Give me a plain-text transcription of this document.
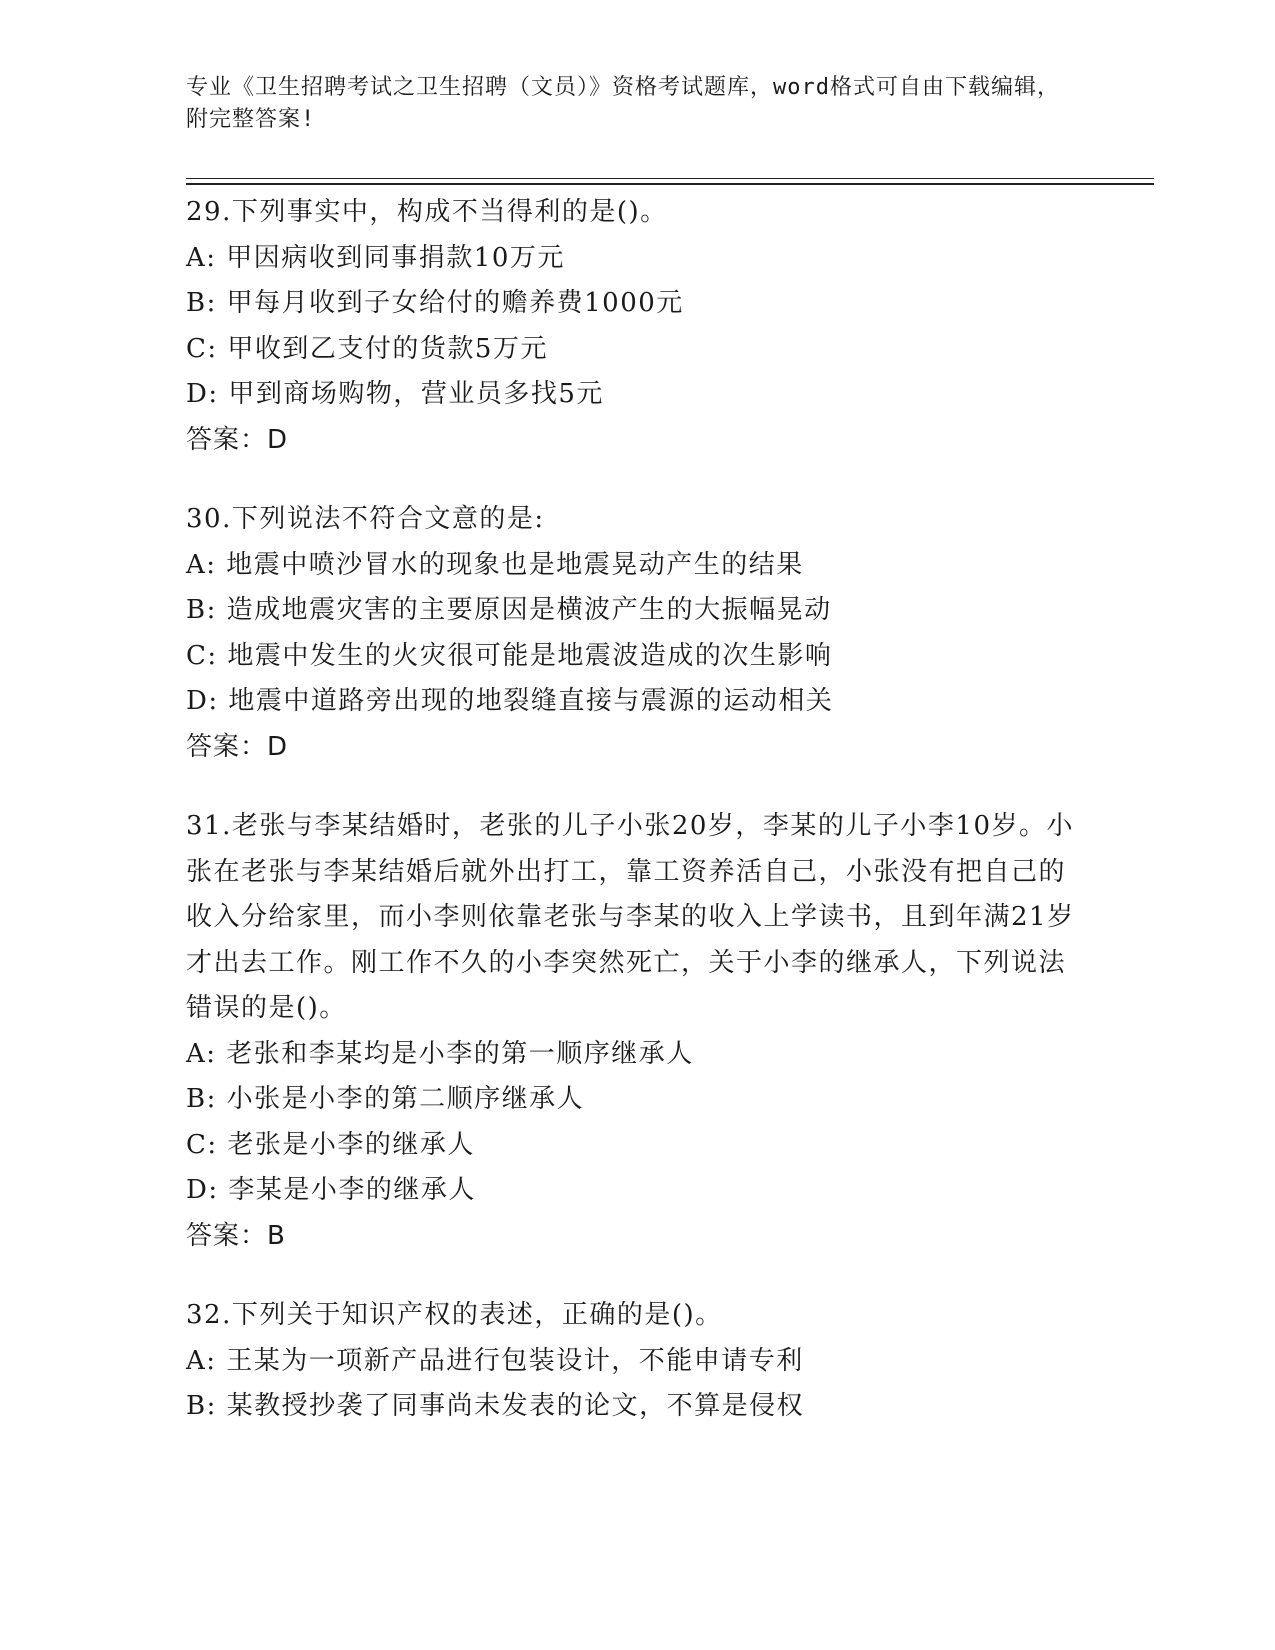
专业《卫生招聘考试之卫生招聘（文员）》资格考试题库，word格式可自由下载编辑，附完整答案!

29.下列事实中，构成不当得利的是()。

A: 甲因病收到同事捐款10万元
B: 甲每月收到子女给付的赡养费1000元
C: 甲收到乙支付的货款5万元
D: 甲到商场购物，营业员多找5元
答案：D

30.下列说法不符合文意的是:

A: 地震中喷沙冒水的现象也是地震晃动产生的结果
B: 造成地震灾害的主要原因是横波产生的大振幅晃动
C: 地震中发生的火灾很可能是地震波造成的次生影响
D: 地震中道路旁出现的地裂缝直接与震源的运动相关
答案：D

31.老张与李某结婚时，老张的儿子小张20岁，李某的儿子小李10岁。小张在老张与李某结婚后就外出打工，靠工资养活自己，小张没有把自己的收入分给家里，而小李则依靠老张与李某的收入上学读书，且到年满21岁才出去工作。刚工作不久的小李突然死亡，关于小李的继承人，下列说法错误的是()。

A: 老张和李某均是小李的第一顺序继承人
B: 小张是小李的第二顺序继承人
C: 老张是小李的继承人
D: 李某是小李的继承人
答案：B

32.下列关于知识产权的表述，正确的是()。

A: 王某为一项新产品进行包装设计，不能申请专利
B: 某教授抄袭了同事尚未发表的论文，不算是侵权
